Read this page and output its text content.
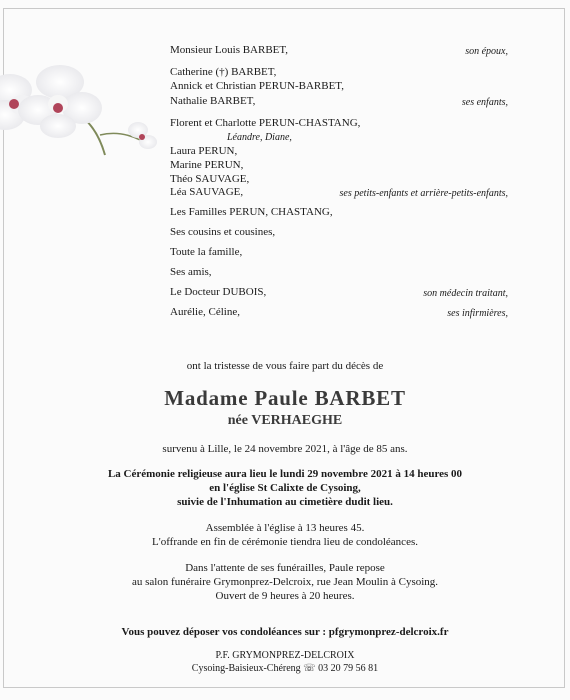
Monsieur Louis BARBET,	son époux,
Catherine (†) BARBET,
Annick et Christian PERUN-BARBET,
Nathalie BARBET,	ses enfants,
Florent et Charlotte PERUN-CHASTANG,
Léandre, Diane,
Laura PERUN,
Marine PERUN,
Théo SAUVAGE,
Léa SAUVAGE,	ses petits-enfants et arrière-petits-enfants,
Les Familles PERUN, CHASTANG,
Ses cousins et cousines,
Toute la famille,
Ses amis,
Le Docteur DUBOIS,	son médecin traitant,
Aurélie, Céline,	ses infirmières,
ont la tristesse de vous faire part du décès de
Madame Paule BARBET
née VERHAEGHE
survenu à Lille, le 24 novembre 2021, à l'âge de 85 ans.
La Cérémonie religieuse aura lieu le lundi 29 novembre 2021 à 14 heures 00
en l'église St Calixte de Cysoing,
suivie de l'Inhumation au cimetière dudit lieu.
Assemblée à l'église à 13 heures 45.
L'offrande en fin de cérémonie tiendra lieu de condoléances.
Dans l'attente de ses funérailles, Paule repose
au salon funéraire Grymonprez-Delcroix, rue Jean Moulin à Cysoing.
Ouvert de 9 heures à 20 heures.
Vous pouvez déposer vos condoléances sur : pfgrymonprez-delcroix.fr
P.F. GRYMONPREZ-DELCROIX
Cysoing-Baisieux-Chéreng ☏ 03 20 79 56 81
